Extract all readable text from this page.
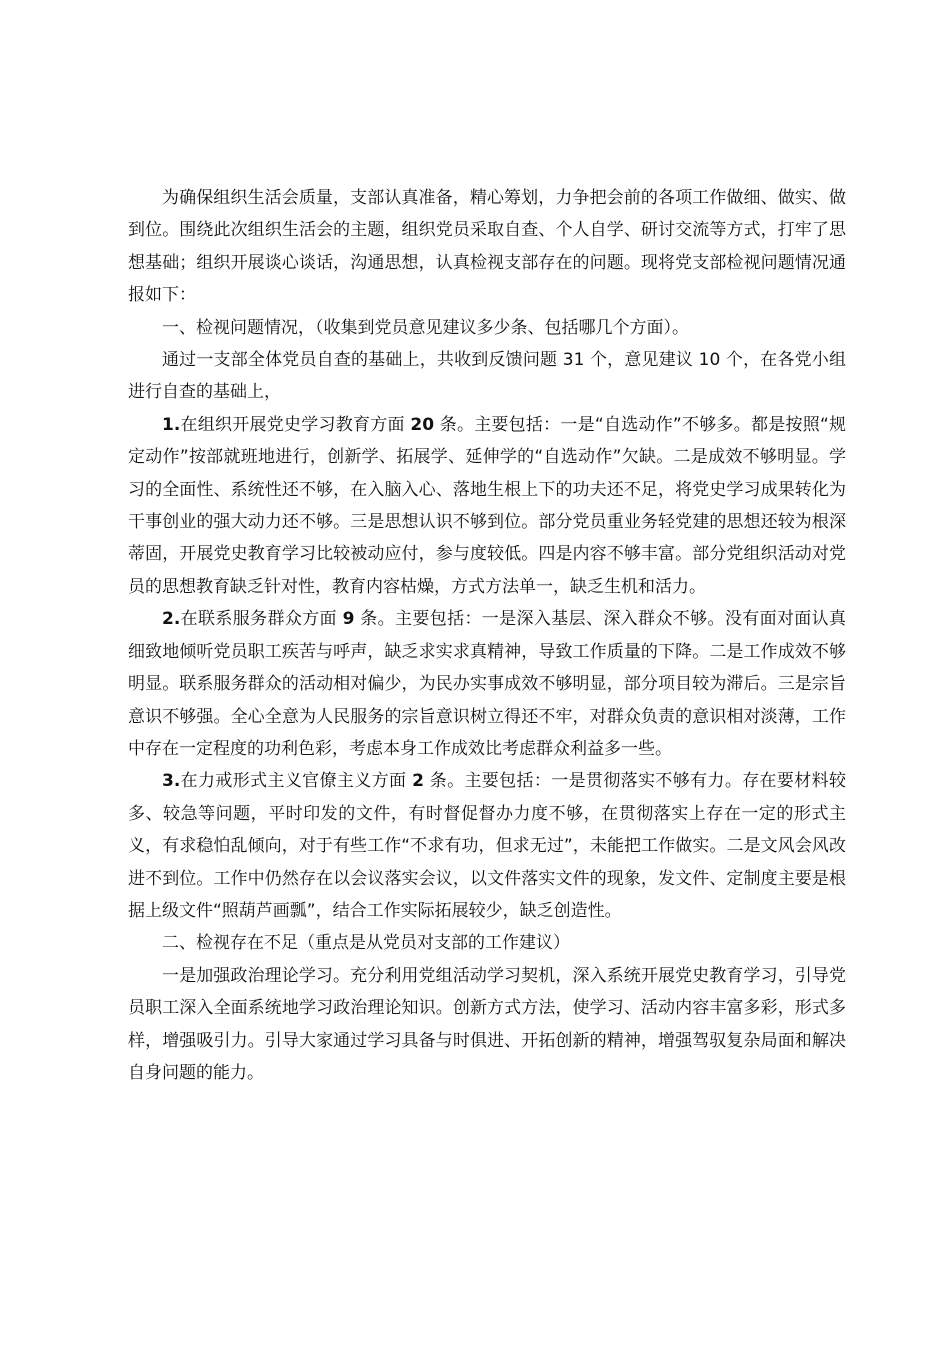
为确保组织生活会质量，支部认真准备，精心筹划，力争把会前的各项工作做细、做实、做到位。围绕此次组织生活会的主题，组织党员采取自查、个人自学、研讨交流等方式，打牢了思想基础；组织开展谈心谈话，沟通思想，认真检视支部存在的问题。现将党支部检视问题情况通报如下：

一、检视问题情况，（收集到党员意见建议多少条、包括哪几个方面）。

通过一支部全体党员自查的基础上，共收到反馈问题 31 个，意见建议 10 个，在各党小组进行自查的基础上，

1.在组织开展党史学习教育方面 20 条。主要包括：一是“自选动作”不够多。都是按照“规定动作”按部就班地进行，创新学、拓展学、延伸学的“自选动作”欠缺。二是成效不够明显。学习的全面性、系统性还不够，在入脑入心、落地生根上下的功夫还不足，将党史学习成果转化为干事创业的强大动力还不够。三是思想认识不够到位。部分党员重业务轻党建的思想还较为根深蒂固，开展党史教育学习比较被动应付，参与度较低。四是内容不够丰富。部分党组织活动对党员的思想教育缺乏针对性，教育内容枯燥，方式方法单一，缺乏生机和活力。

2.在联系服务群众方面 9 条。主要包括：一是深入基层、深入群众不够。没有面对面认真细致地倾听党员职工疾苦与呼声，缺乏求实求真精神，导致工作质量的下降。二是工作成效不够明显。联系服务群众的活动相对偏少，为民办实事成效不够明显，部分项目较为滞后。三是宗旨意识不够强。全心全意为人民服务的宗旨意识树立得还不牢，对群众负责的意识相对淡薄，工作中存在一定程度的功利色彩，考虑本身工作成效比考虑群众利益多一些。

3.在力戒形式主义官僚主义方面 2 条。主要包括：一是贯彻落实不够有力。存在要材料较多、较急等问题，平时印发的文件，有时督促督办力度不够，在贯彻落实上存在一定的形式主义，有求稳怕乱倾向，对于有些工作“不求有功，但求无过”，未能把工作做实。二是文风会风改进不到位。工作中仍然存在以会议落实会议，以文件落实文件的现象，发文件、定制度主要是根据上级文件“照葫芦画瓢”，结合工作实际拓展较少，缺乏创造性。

二、检视存在不足（重点是从党员对支部的工作建议）

一是加强政治理论学习。充分利用党组活动学习契机，深入系统开展党史教育学习，引导党员职工深入全面系统地学习政治理论知识。创新方式方法，使学习、活动内容丰富多彩，形式多样，增强吸引力。引导大家通过学习具备与时俱进、开拓创新的精神，增强驾驭复杂局面和解决自身问题的能力。
